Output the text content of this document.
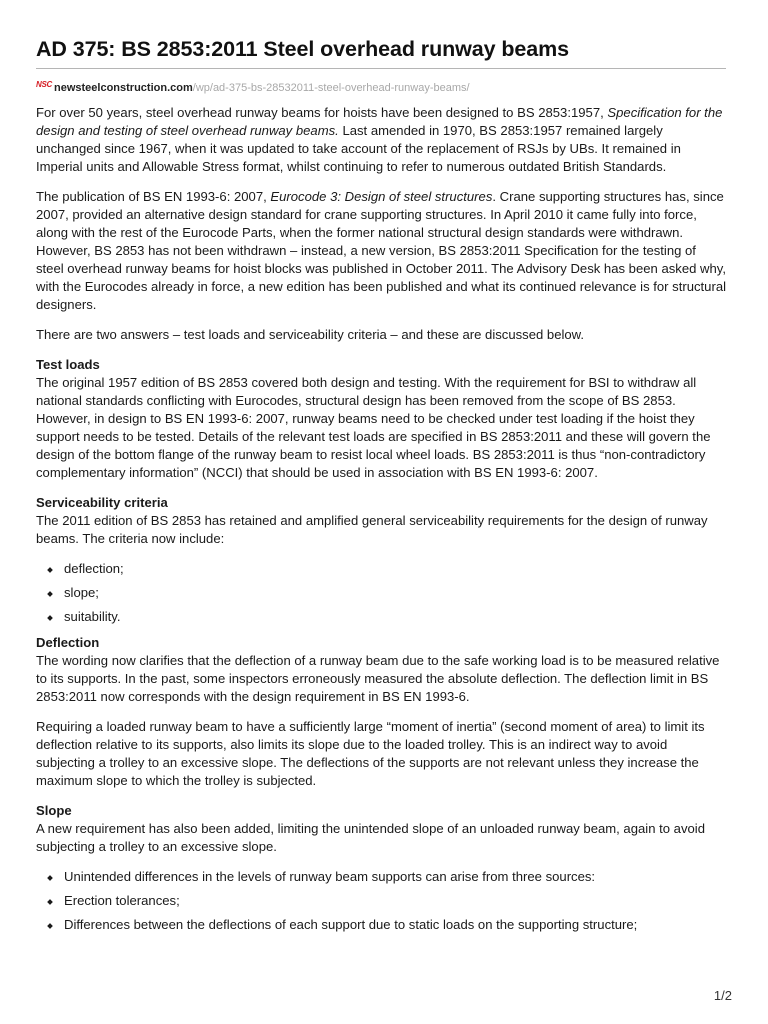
AD 375: BS 2853:2011 Steel overhead runway beams
$^{NSC}$ newsteelconstruction.com/wp/ad-375-bs-28532011-steel-overhead-runway-beams/

For over 50 years, steel overhead runway beams for hoists have been designed to BS 2853:1957, Specification for the design and testing of steel overhead runway beams. Last amended in 1970, BS 2853:1957 remained largely unchanged since 1967, when it was updated to take account of the replacement of RSJs by UBs. It remained in Imperial units and Allowable Stress format, whilst continuing to refer to numerous outdated British Standards.

The publication of BS EN 1993-6: 2007, Eurocode 3: Design of steel structures. Crane supporting structures has, since 2007, provided an alternative design standard for crane supporting structures. In April 2010 it came fully into force, along with the rest of the Eurocode Parts, when the former national structural design standards were withdrawn. However, BS 2853 has not been withdrawn – instead, a new version, BS 2853:2011 Specification for the testing of steel overhead runway beams for hoist blocks was published in October 2011. The Advisory Desk has been asked why, with the Eurocodes already in force, a new edition has been published and what its continued relevance is for structural designers.

There are two answers – test loads and serviceability criteria – and these are discussed below.

Test loads

The original 1957 edition of BS 2853 covered both design and testing. With the requirement for BSI to withdraw all national standards conflicting with Eurocodes, structural design has been removed from the scope of BS 2853. However, in design to BS EN 1993-6: 2007, runway beams need to be checked under test loading if the hoist they support needs to be tested. Details of the relevant test loads are specified in BS 2853:2011 and these will govern the design of the bottom flange of the runway beam to resist local wheel loads. BS 2853:2011 is thus “non-contradictory complementary information” (NCCI) that should be used in association with BS EN 1993-6: 2007.

Serviceability criteria

The 2011 edition of BS 2853 has retained and amplified general serviceability requirements for the design of runway beams. The criteria now include:

deflection;
slope;
suitability.
Deflection

The wording now clarifies that the deflection of a runway beam due to the safe working load is to be measured relative to its supports. In the past, some inspectors erroneously measured the absolute deflection. The deflection limit in BS 2853:2011 now corresponds with the design requirement in BS EN 1993-6.

Requiring a loaded runway beam to have a sufficiently large “moment of inertia” (second moment of area) to limit its deflection relative to its supports, also limits its slope due to the loaded trolley. This is an indirect way to avoid subjecting a trolley to an excessive slope. The deflections of the supports are not relevant unless they increase the maximum slope to which the trolley is subjected.

Slope

A new requirement has also been added, limiting the unintended slope of an unloaded runway beam, again to avoid subjecting a trolley to an excessive slope.

Unintended differences in the levels of runway beam supports can arise from three sources:
Erection tolerances;
Differences between the deflections of each support due to static loads on the supporting structure;
1/2
